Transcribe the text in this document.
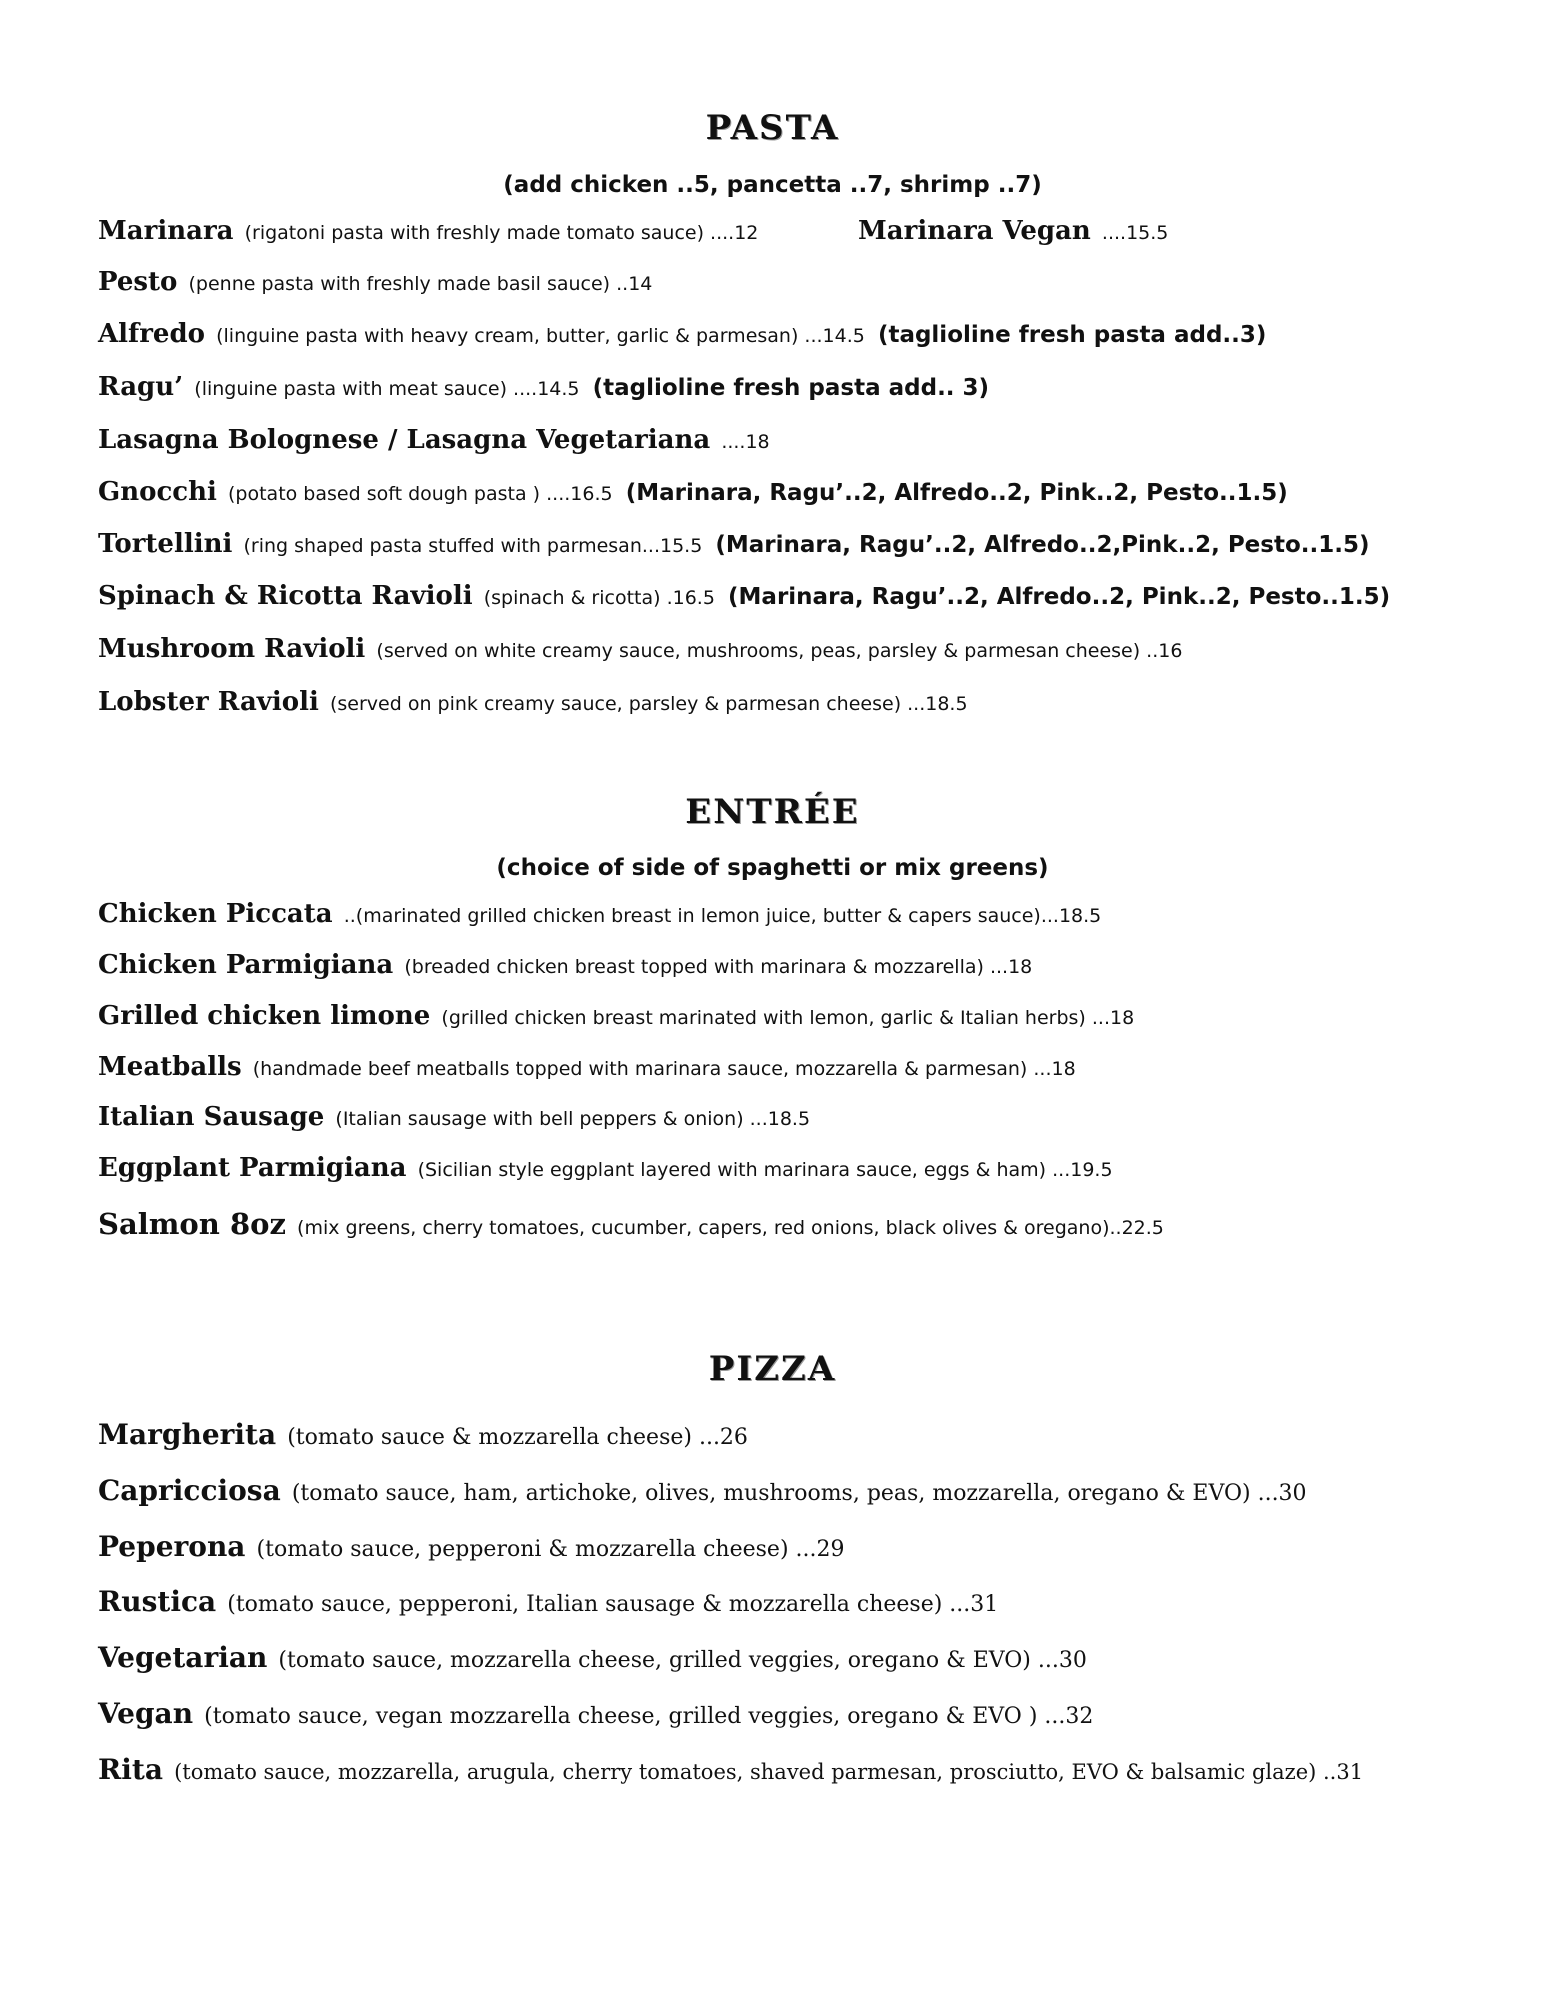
PASTA
(add chicken ..5, pancetta ..7, shrimp ..7)
Marinara (rigatoni pasta with freshly made tomato sauce) ....12	Marinara Vegan ....15.5
Pesto (penne pasta with freshly made basil sauce) ..14
Alfredo (linguine pasta with heavy cream, butter, garlic & parmesan) ...14.5 (taglioline fresh pasta add..3)
Ragu’ (linguine pasta with meat sauce) ....14.5 (taglioline fresh pasta add.. 3)
Lasagna Bolognese / Lasagna Vegetariana ....18
Gnocchi (potato based soft dough pasta ) ....16.5 (Marinara, Ragu’..2, Alfredo..2, Pink..2, Pesto..1.5)
Tortellini (ring shaped pasta stuffed with parmesan...15.5 (Marinara, Ragu’..2, Alfredo..2,Pink..2, Pesto..1.5)
Spinach & Ricotta Ravioli (spinach & ricotta) .16.5 (Marinara, Ragu’..2, Alfredo..2, Pink..2, Pesto..1.5)
Mushroom Ravioli (served on white creamy sauce, mushrooms, peas, parsley & parmesan cheese) ..16
Lobster Ravioli (served on pink creamy sauce, parsley & parmesan cheese) ...18.5
ENTRÉE
(choice of side of spaghetti or mix greens)
Chicken Piccata ..(marinated grilled chicken breast in lemon juice, butter & capers sauce)...18.5
Chicken Parmigiana (breaded chicken breast topped with marinara & mozzarella) ...18
Grilled chicken limone (grilled chicken breast marinated with lemon, garlic & Italian herbs) ...18
Meatballs (handmade beef meatballs topped with marinara sauce, mozzarella & parmesan) ...18
Italian Sausage (Italian sausage with bell peppers & onion) ...18.5
Eggplant Parmigiana (Sicilian style eggplant layered with marinara sauce, eggs & ham) ...19.5
Salmon 8oz (mix greens, cherry tomatoes, cucumber, capers, red onions, black olives & oregano)..22.5
PIZZA
Margherita (tomato sauce & mozzarella cheese) ...26
Capricciosa (tomato sauce, ham, artichoke, olives, mushrooms, peas, mozzarella, oregano & EVO) ...30
Peperona (tomato sauce, pepperoni & mozzarella cheese) ...29
Rustica (tomato sauce, pepperoni, Italian sausage & mozzarella cheese) ...31
Vegetarian (tomato sauce, mozzarella cheese, grilled veggies, oregano & EVO) ...30
Vegan (tomato sauce, vegan mozzarella cheese, grilled veggies, oregano & EVO ) ...32
Rita (tomato sauce, mozzarella, arugula, cherry tomatoes, shaved parmesan, prosciutto, EVO & balsamic glaze) ..31
